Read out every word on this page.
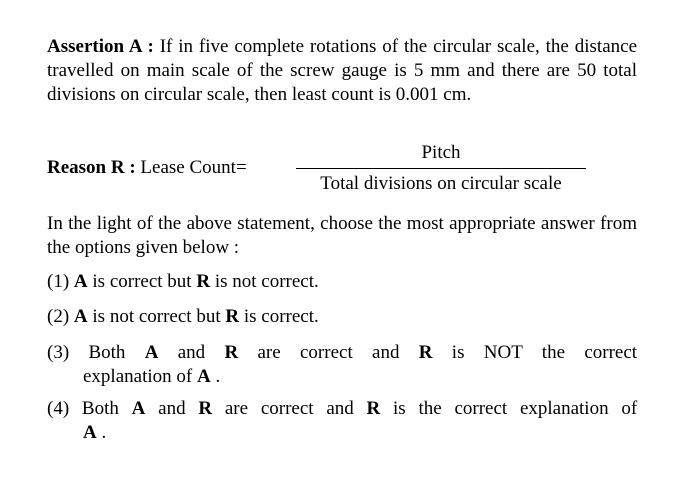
Assertion A : If in five complete rotations of the circular scale, the distance travelled on main scale of the screw gauge is 5 mm and there are 50 total divisions on circular scale, then least count is 0.001 cm.
Reason R : Lease Count=
Pitch
Total divisions on circular scale
In the light of the above statement, choose the most appropriate answer from the options given below :
(1) A is correct but R is not correct.
(2) A is not correct but R is correct.
(3) Both A and R are correct and R is NOT the correct
explanation of A .
(4) Both A and R are correct and R is the correct explanation of
A .
